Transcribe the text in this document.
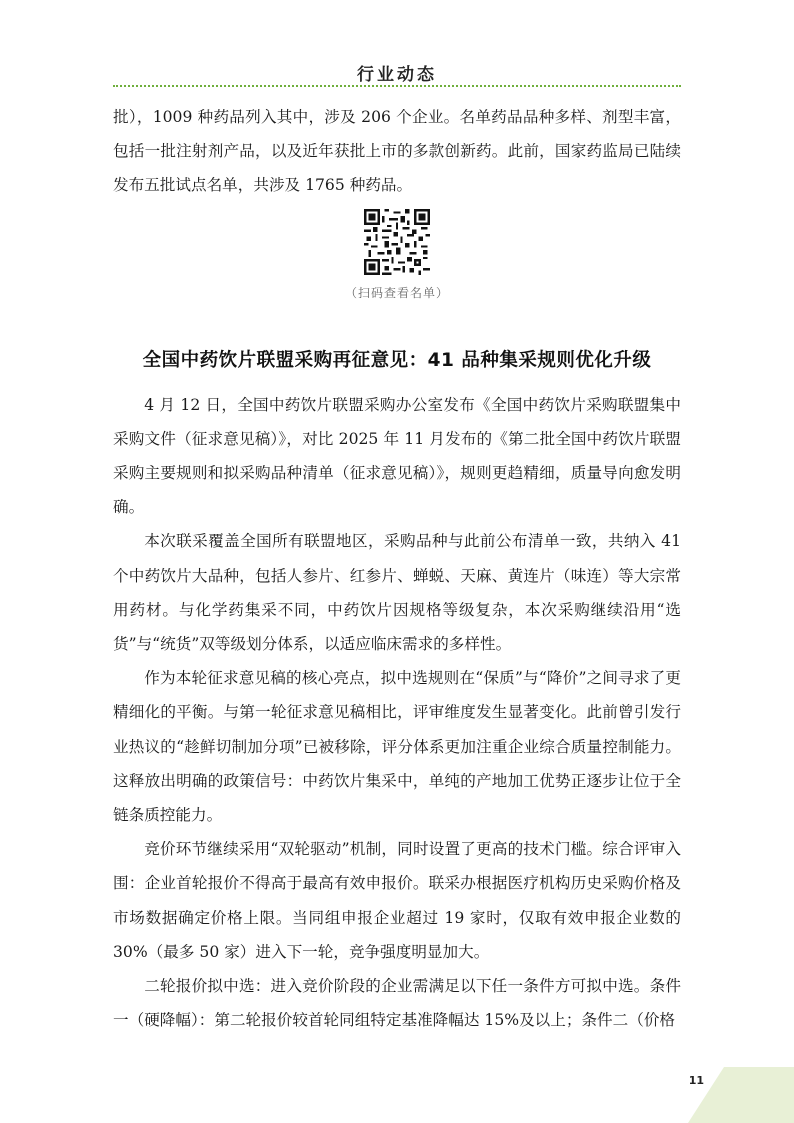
行业动态

批），1009 种药品列入其中，涉及 206 个企业。名单药品品种多样、剂型丰富，包括一批注射剂产品，以及近年获批上市的多款创新药。此前，国家药监局已陆续发布五批试点名单，共涉及 1765 种药品。

（扫码查看名单）
全国中药饮片联盟采购再征意见：41 品种集采规则优化升级

4 月 12 日，全国中药饮片联盟采购办公室发布《全国中药饮片采购联盟集中采购文件（征求意见稿）》，对比 2025 年 11 月发布的《第二批全国中药饮片联盟采购主要规则和拟采购品种清单（征求意见稿）》，规则更趋精细，质量导向愈发明确。

本次联采覆盖全国所有联盟地区，采购品种与此前公布清单一致，共纳入 41 个中药饮片大品种，包括人参片、红参片、蝉蜕、天麻、黄连片（味连）等大宗常用药材。与化学药集采不同，中药饮片因规格等级复杂，本次采购继续沿用“选货”与“统货”双等级划分体系，以适应临床需求的多样性。

作为本轮征求意见稿的核心亮点，拟中选规则在“保质”与“降价”之间寻求了更精细化的平衡。与第一轮征求意见稿相比，评审维度发生显著变化。此前曾引发行业热议的“趁鲜切制加分项”已被移除，评分体系更加注重企业综合质量控制能力。这释放出明确的政策信号：中药饮片集采中，单纯的产地加工优势正逐步让位于全链条质控能力。

竞价环节继续采用“双轮驱动”机制，同时设置了更高的技术门槛。综合评审入围：企业首轮报价不得高于最高有效申报价。联采办根据医疗机构历史采购价格及市场数据确定价格上限。当同组申报企业超过 19 家时，仅取有效申报企业数的 30%（最多 50 家）进入下一轮，竞争强度明显加大。

二轮报价拟中选：进入竞价阶段的企业需满足以下任一条件方可拟中选。条件一（硬降幅）：第二轮报价较首轮同组特定基准降幅达 15%及以上；条件二（价格

11
